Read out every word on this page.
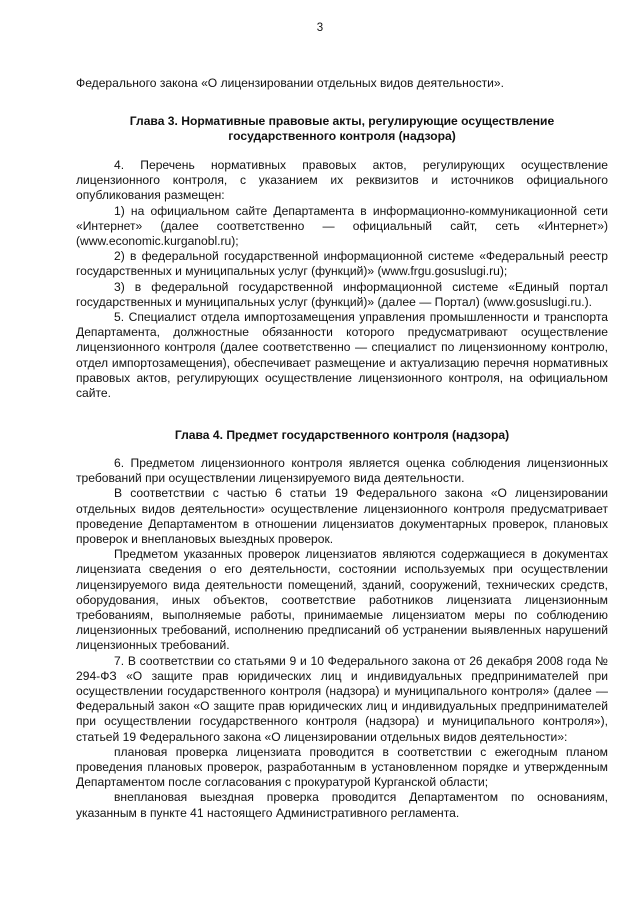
3

Федерального закона «О лицензировании отдельных видов деятельности».

Глава 3. Нормативные правовые акты, регулирующие осуществление государственного контроля (надзора)

4. Перечень нормативных правовых актов, регулирующих осуществление лицензионного контроля, с указанием их реквизитов и источников официального опубликования размещен:

1) на официальном сайте Департамента в информационно-коммуникационной сети «Интернет» (далее соответственно — официальный сайт, сеть «Интернет») (www.economic.kurganobl.ru);

2) в федеральной государственной информационной системе «Федеральный реестр государственных и муниципальных услуг (функций)» (www.frgu.gosuslugi.ru);

3) в федеральной государственной информационной системе «Единый портал государственных и муниципальных услуг (функций)» (далее — Портал) (www.gosuslugi.ru.).

5. Специалист отдела импортозамещения управления промышленности и транспорта Департамента, должностные обязанности которого предусматривают осуществление лицензионного контроля (далее соответственно — специалист по лицензионному контролю, отдел импортозамещения), обеспечивает размещение и актуализацию перечня нормативных правовых актов, регулирующих осуществление лицензионного контроля, на официальном сайте.

Глава 4. Предмет государственного контроля (надзора)

6. Предметом лицензионного контроля является оценка соблюдения лицензионных требований при осуществлении лицензируемого вида деятельности.

В соответствии с частью 6 статьи 19 Федерального закона «О лицензировании отдельных видов деятельности» осуществление лицензионного контроля предусматривает проведение Департаментом в отношении лицензиатов документарных проверок, плановых проверок и внеплановых выездных проверок.

Предметом указанных проверок лицензиатов являются содержащиеся в документах лицензиата сведения о его деятельности, состоянии используемых при осуществлении лицензируемого вида деятельности помещений, зданий, сооружений, технических средств, оборудования, иных объектов, соответствие работников лицензиата лицензионным требованиям, выполняемые работы, принимаемые лицензиатом меры по соблюдению лицензионных требований, исполнению предписаний об устранении выявленных нарушений лицензионных требований.

7. В соответствии со статьями 9 и 10 Федерального закона от 26 декабря 2008 года № 294-ФЗ «О защите прав юридических лиц и индивидуальных предпринимателей при осуществлении государственного контроля (надзора) и муниципального контроля» (далее — Федеральный закон «О защите прав юридических лиц и индивидуальных предпринимателей при осуществлении государственного контроля (надзора) и муниципального контроля»), статьей 19 Федерального закона «О лицензировании отдельных видов деятельности»:

плановая проверка лицензиата проводится в соответствии с ежегодным планом проведения плановых проверок, разработанным в установленном порядке и утвержденным Департаментом после согласования с прокуратурой Курганской области;

внеплановая выездная проверка проводится Департаментом по основаниям, указанным в пункте 41 настоящего Административного регламента.
